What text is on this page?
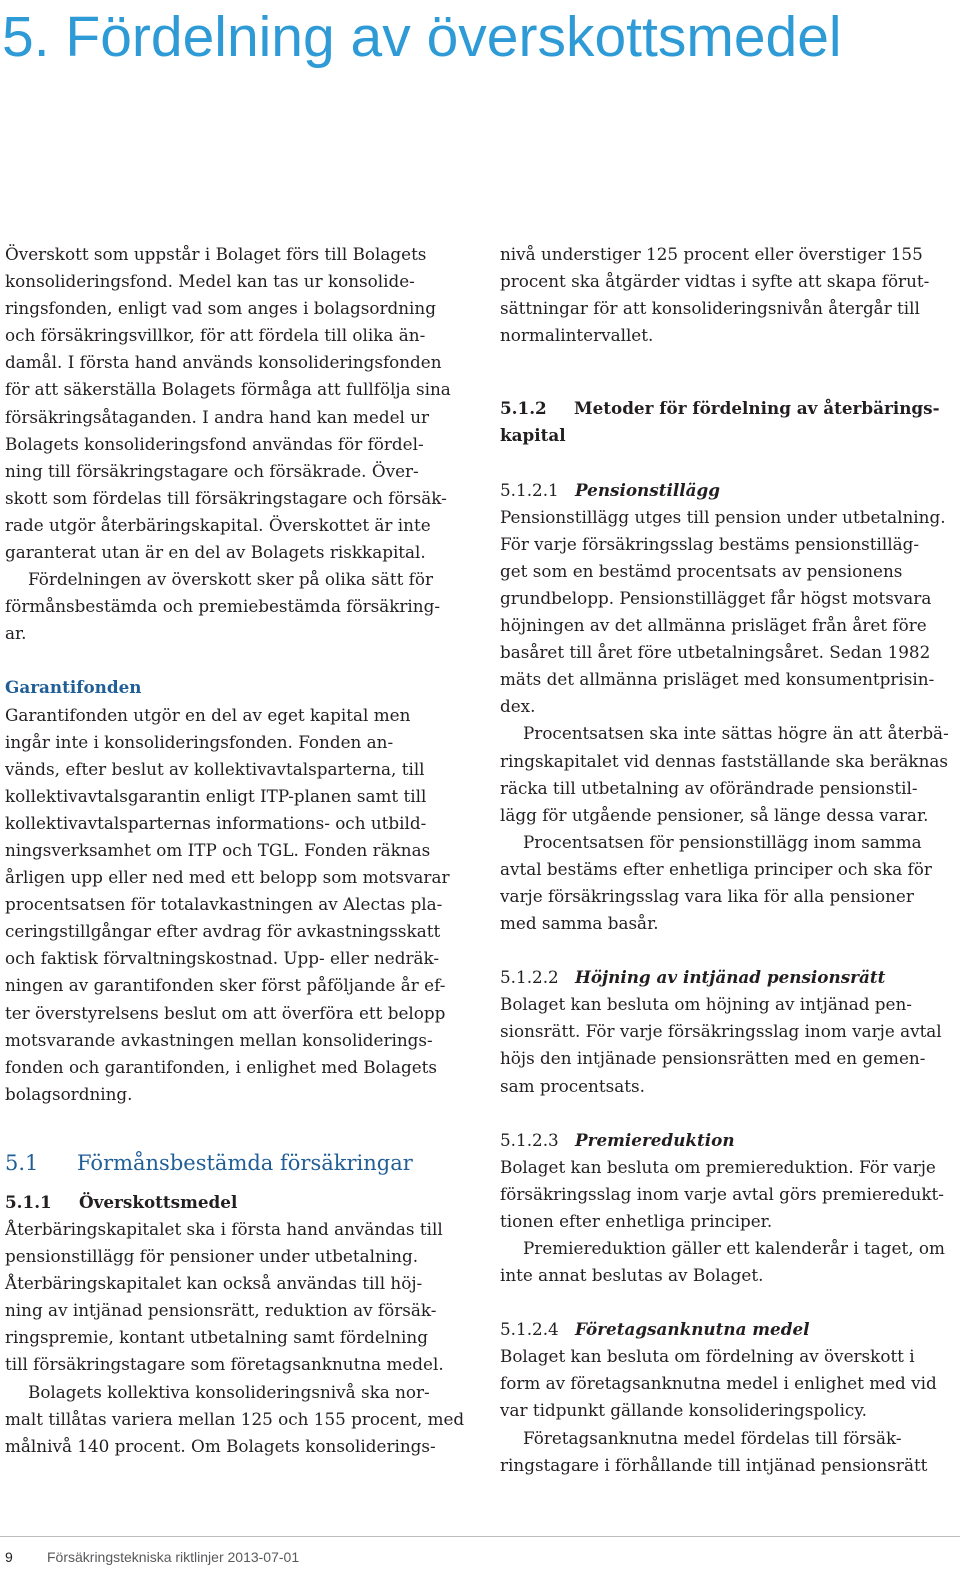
5. Fördelning av överskottsmedel
Överskott som uppstår i Bolaget förs till Bolagets
konsolideringsfond. Medel kan tas ur konsolide-
ringsfonden, enligt vad som anges i bolagsordning
och försäkringsvillkor, för att fördela till olika än-
damål. I första hand används konsolideringsfonden
för att säkerställa Bolagets förmåga att fullfölja sina
försäkringsåtaganden. I andra hand kan medel ur
Bolagets konsolideringsfond användas för fördel-
ning till försäkringstagare och försäkrade. Över-
skott som fördelas till försäkringstagare och försäk-
rade utgör återbäringskapital. Överskottet är inte
garanterat utan är en del av Bolagets riskkapital.
Fördelningen av överskott sker på olika sätt för
förmånsbestämda och premiebestämda försäkring-
ar.
Garantifonden
Garantifonden utgör en del av eget kapital men
ingår inte i konsolideringsfonden. Fonden an-
vänds, efter beslut av kollektivavtalsparterna, till
kollektivavtalsgarantin enligt ITP-planen samt till
kollektivavtalsparternas informations- och utbild-
ningsverksamhet om ITP och TGL. Fonden räknas
årligen upp eller ned med ett belopp som motsvarar
procentsatsen för totalavkastningen av Alectas pla-
ceringstillgångar efter avdrag för avkastningsskatt
och faktisk förvaltningskostnad. Upp- eller nedräk-
ningen av garantifonden sker först påföljande år ef-
ter överstyrelsens beslut om att överföra ett belopp
motsvarande avkastningen mellan konsoliderings-
fonden och garantifonden, i enlighet med Bolagets
bolagsordning.
5.1 Förmånsbestämda försäkringar
5.1.1 Överskottsmedel
Återbäringskapitalet ska i första hand användas till
pensionstillägg för pensioner under utbetalning.
Återbäringskapitalet kan också användas till höj-
ning av intjänad pensionsrätt, reduktion av försäk-
ringspremie, kontant utbetalning samt fördelning
till försäkringstagare som företagsanknutna medel.
Bolagets kollektiva konsolideringsnivå ska nor-
malt tillåtas variera mellan 125 och 155 procent, med
målnivå 140 procent. Om Bolagets konsoliderings-
nivå understiger 125 procent eller överstiger 155
procent ska åtgärder vidtas i syfte att skapa förut-
sättningar för att konsolideringsnivån återgår till
normalintervallet.
5.1.2 Metoder för fördelning av återbärings-
kapital
5.1.2.1 Pensionstillägg
Pensionstillägg utges till pension under utbetalning.
För varje försäkringsslag bestäms pensionstilläg-
get som en bestämd procentsats av pensionens
grundbelopp. Pensionstillägget får högst motsvara
höjningen av det allmänna prisläget från året före
basåret till året före utbetalningsåret. Sedan 1982
mäts det allmänna prisläget med konsumentprisin-
dex.
Procentsatsen ska inte sättas högre än att återbä-
ringskapitalet vid dennas fastställande ska beräknas
räcka till utbetalning av oförändrade pensionstil-
lägg för utgående pensioner, så länge dessa varar.
Procentsatsen för pensionstillägg inom samma
avtal bestäms efter enhetliga principer och ska för
varje försäkringsslag vara lika för alla pensioner
med samma basår.
5.1.2.2 Höjning av intjänad pensionsrätt
Bolaget kan besluta om höjning av intjänad pen-
sionsrätt. För varje försäkringsslag inom varje avtal
höjs den intjänade pensionsrätten med en gemen-
sam procentsats.
5.1.2.3 Premiereduktion
Bolaget kan besluta om premiereduktion. För varje
försäkringsslag inom varje avtal görs premieredukt-
tionen efter enhetliga principer.
Premiereduktion gäller ett kalenderår i taget, om
inte annat beslutas av Bolaget.
5.1.2.4 Företagsanknutna medel
Bolaget kan besluta om fördelning av överskott i
form av företagsanknutna medel i enlighet med vid
var tidpunkt gällande konsolideringspolicy.
Företagsanknutna medel fördelas till försäk-
ringstagare i förhållande till intjänad pensionsrätt
9 Försäkringstekniska riktlinjer 2013-07-01
